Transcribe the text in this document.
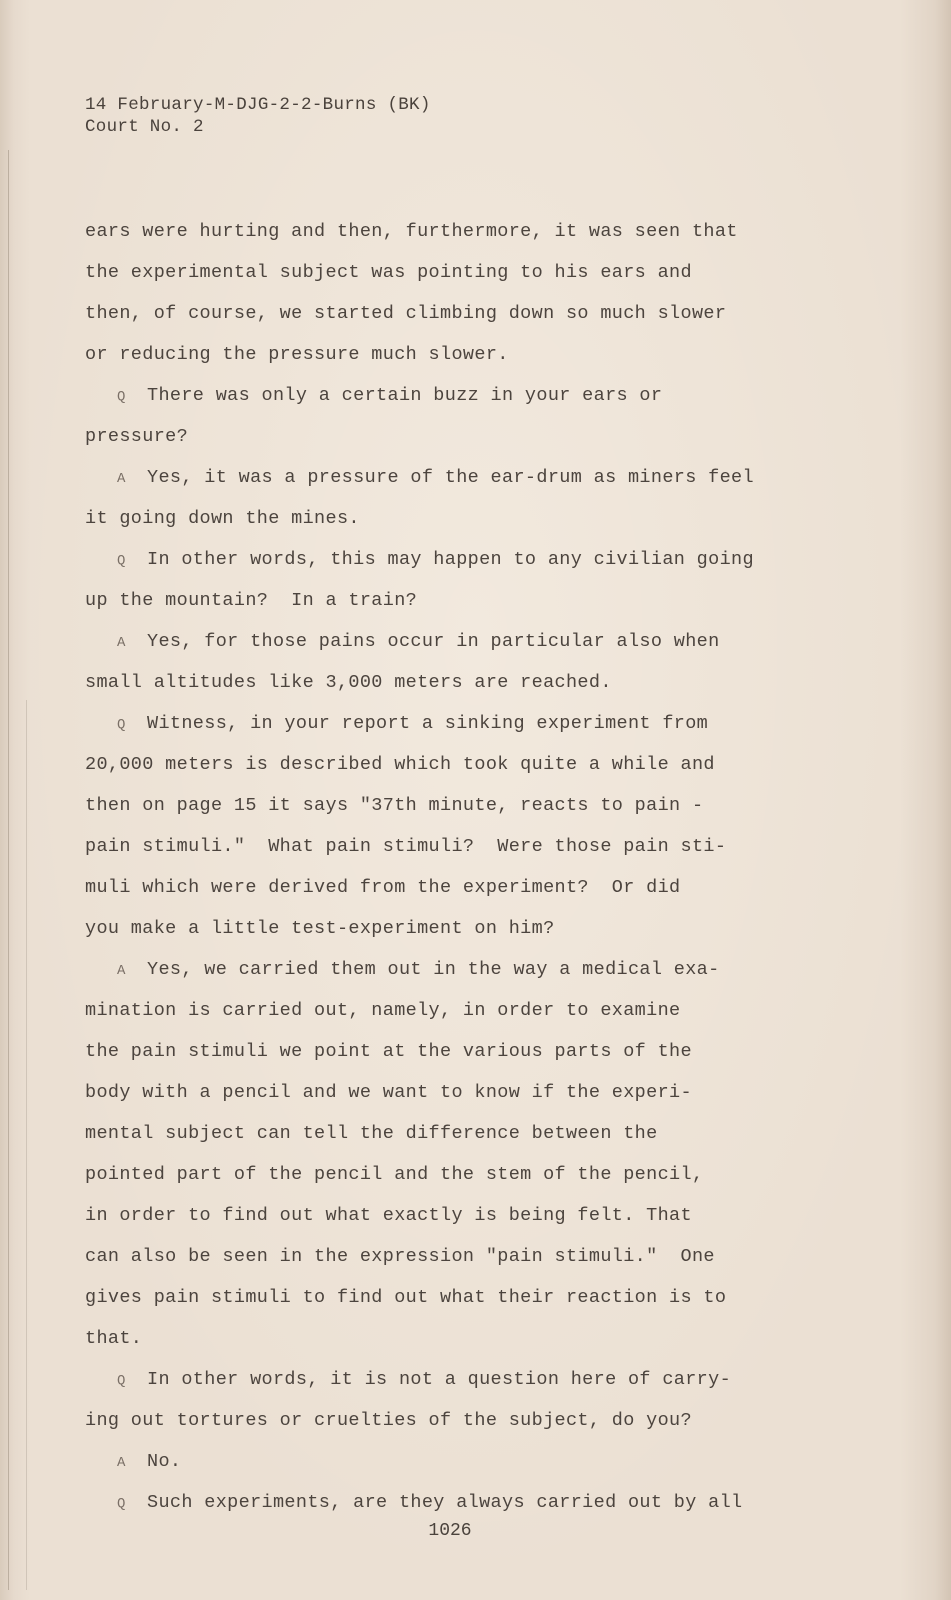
14 February-M-DJG-2-2-Burns (BK)
Court No. 2
ears were hurting and then, furthermore, it was seen that
the experimental subject was pointing to his ears and
then, of course, we started climbing down so much slower
or reducing the pressure much slower.
Q There was only a certain buzz in your ears or
pressure?
A Yes, it was a pressure of the ear-drum as miners feel
it going down the mines.
Q In other words, this may happen to any civilian going
up the mountain?  In a train?
A Yes, for those pains occur in particular also when
small altitudes like 3,000 meters are reached.
Q Witness, in your report a sinking experiment from
20,000 meters is described which took quite a while and
then on page 15 it says "37th minute, reacts to pain -
pain stimuli."  What pain stimuli?  Were those pain sti-
muli which were derived from the experiment?  Or did
you make a little test-experiment on him?
A Yes, we carried them out in the way a medical exa-
mination is carried out, namely, in order to examine
the pain stimuli we point at the various parts of the
body with a pencil and we want to know if the experi-
mental subject can tell the difference between the
pointed part of the pencil and the stem of the pencil,
in order to find out what exactly is being felt. That
can also be seen in the expression "pain stimuli."  One
gives pain stimuli to find out what their reaction is to
that.
Q In other words, it is not a question here of carry-
ing out tortures or cruelties of the subject, do you?
A No.
Q Such experiments, are they always carried out by all
1026
